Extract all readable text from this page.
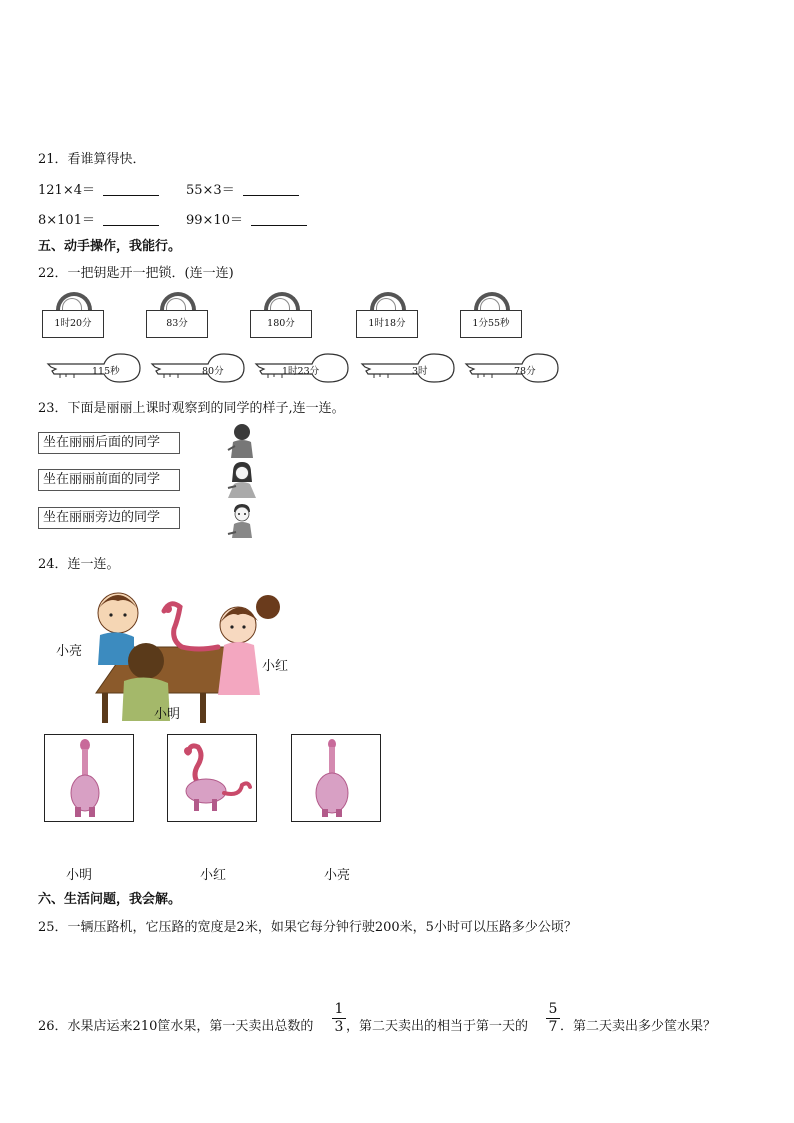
21．看谁算得快．
121×4＝	55×3＝
8×101＝	99×10＝
五、动手操作，我能行。
22．一把钥匙开一把锁．(连一连)
1时20分	83分	180分	1时18分	1分55秒
115秒	80分	1时23分	3时	78分
23．下面是丽丽上课时观察到的同学的样子,连一连。
坐在丽丽后面的同学
坐在丽丽前面的同学
坐在丽丽旁边的同学
24．连一连。
小亮
小红
小明
小明	小红	小亮
六、生活问题，我会解。
25．一辆压路机，它压路的宽度是2米，如果它每分钟行驶200米，5小时可以压路多少公顷？
26．水果店运来210筐水果，第一天卖出总数的
1
3 ，第二天卖出的相当于第一天的
5
7 ．第二天卖出多少筐水果？
